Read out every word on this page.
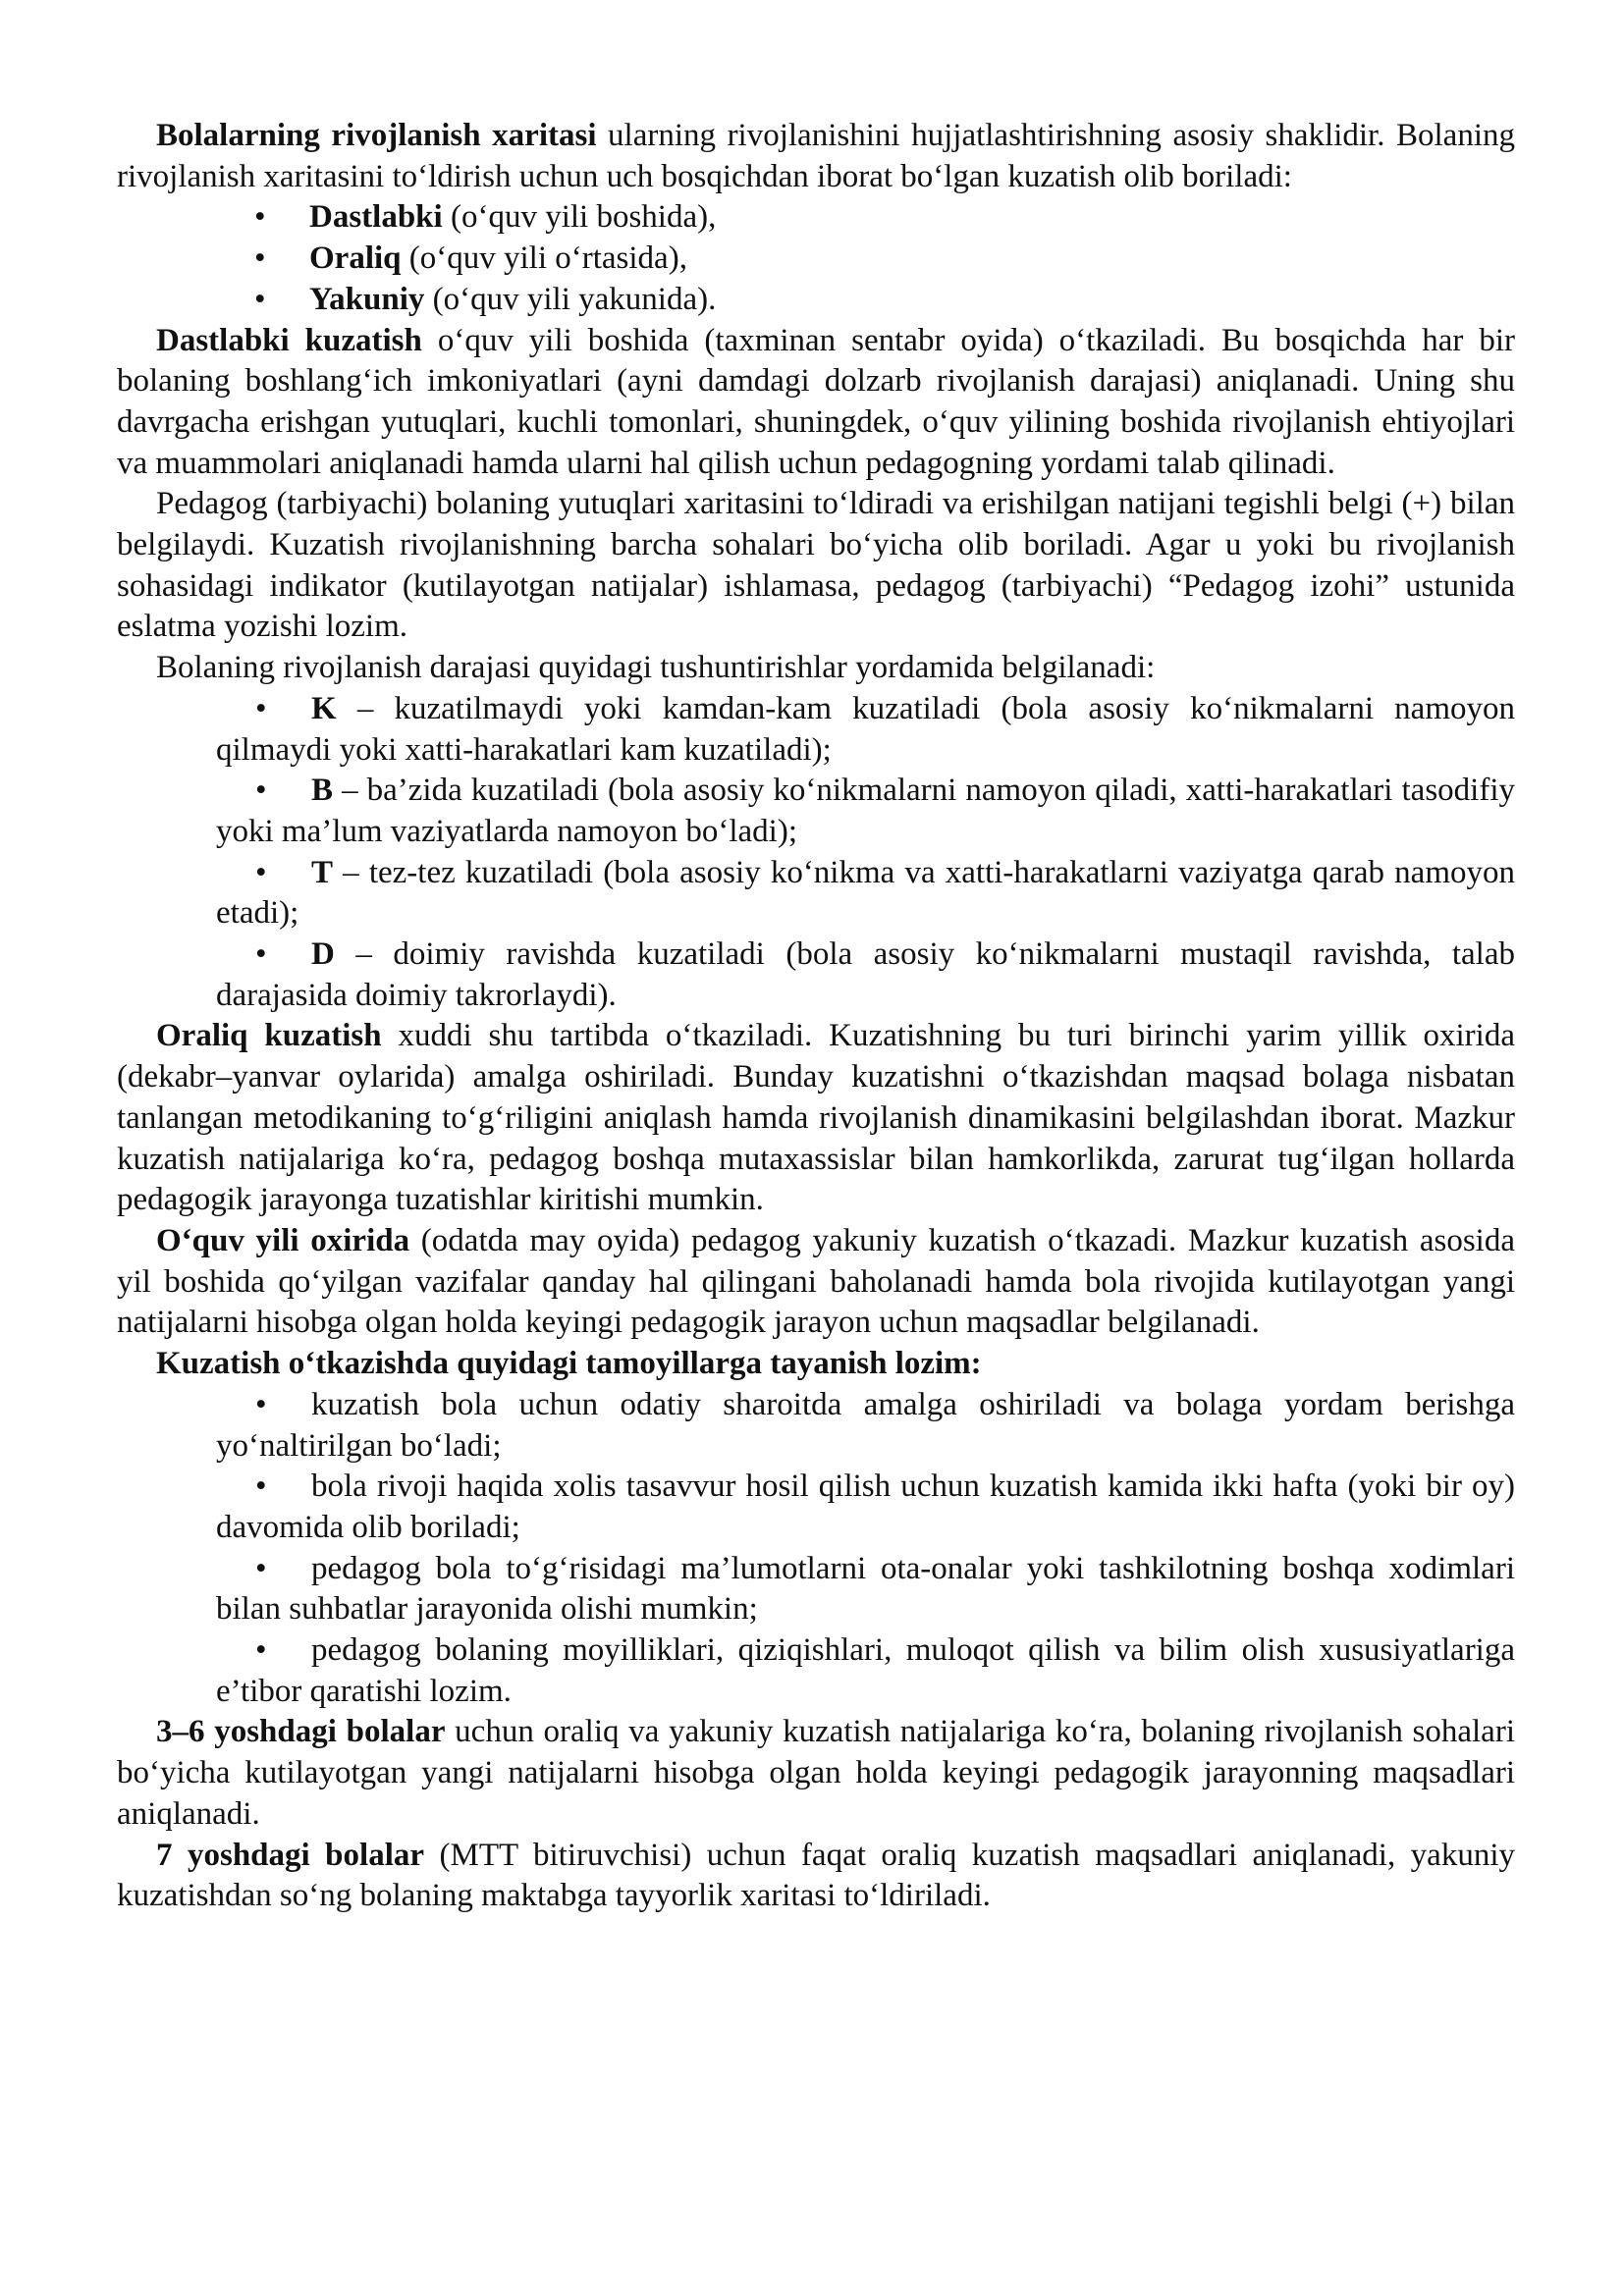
Bolalarning rivojlanish xaritasi ularning rivojlanishini hujjatlashtirishning asosiy shaklidir. Bolaning rivojlanish xaritasini to‘ldirish uchun uch bosqichdan iborat bo‘lgan kuzatish olib boriladi:

• Dastlabki (o‘quv yili boshida),
• Oraliq (o‘quv yili o‘rtasida),
• Yakuniy (o‘quv yili yakunida).

Dastlabki kuzatish o‘quv yili boshida (taxminan sentabr oyida) o‘tkaziladi. Bu bosqichda har bir bolaning boshlang‘ich imkoniyatlari (ayni damdagi dolzarb rivojlanish darajasi) aniqlanadi. Uning shu davrgacha erishgan yutuqlari, kuchli tomonlari, shuningdek, o‘quv yilining boshida rivojlanish ehtiyojlari va muammolari aniqlanadi hamda ularni hal qilish uchun pedagogning yordami talab qilinadi.

Pedagog (tarbiyachi) bolaning yutuqlari xaritasini to‘ldiradi va erishilgan natijani tegishli belgi (+) bilan belgilaydi. Kuzatish rivojlanishning barcha sohalari bo‘yicha olib boriladi. Agar u yoki bu rivojlanish sohasidagi indikator (kutilayotgan natijalar) ishlamasa, pedagog (tarbiyachi) “Pedagog izohi” ustunida eslatma yozishi lozim.

Bolaning rivojlanish darajasi quyidagi tushuntirishlar yordamida belgilanadi:

• K – kuzatilmaydi yoki kamdan-kam kuzatiladi (bola asosiy ko‘nikmalarni namoyon qilmaydi yoki xatti-harakatlari kam kuzatiladi);
• B – ba’zida kuzatiladi (bola asosiy ko‘nikmalarni namoyon qiladi, xatti-harakatlari tasodifiy yoki ma’lum vaziyatlarda namoyon bo‘ladi);
• T – tez-tez kuzatiladi (bola asosiy ko‘nikma va xatti-harakatlarni vaziyatga qarab namoyon etadi);
• D – doimiy ravishda kuzatiladi (bola asosiy ko‘nikmalarni mustaqil ravishda, talab darajasida doimiy takrorlaydi).

Oraliq kuzatish xuddi shu tartibda o‘tkaziladi. Kuzatishning bu turi birinchi yarim yillik oxirida (dekabr–yanvar oylarida) amalga oshiriladi. Bunday kuzatishni o‘tkazishdan maqsad bolaga nisbatan tanlangan metodikaning to‘g‘riligini aniqlash hamda rivojlanish dinamikasini belgilashdan iborat. Mazkur kuzatish natijalariga ko‘ra, pedagog boshqa mutaxassislar bilan hamkorlikda, zarurat tug‘ilgan hollarda pedagogik jarayonga tuzatishlar kiritishi mumkin.

O‘quv yili oxirida (odatda may oyida) pedagog yakuniy kuzatish o‘tkazadi. Mazkur kuzatish asosida yil boshida qo‘yilgan vazifalar qanday hal qilingani baholanadi hamda bola rivojida kutilayotgan yangi natijalarni hisobga olgan holda keyingi pedagogik jarayon uchun maqsadlar belgilanadi.

Kuzatish o‘tkazishda quyidagi tamoyillarga tayanish lozim:

• kuzatish bola uchun odatiy sharoitda amalga oshiriladi va bolaga yordam berishga yo‘naltirilgan bo‘ladi;
• bola rivoji haqida xolis tasavvur hosil qilish uchun kuzatish kamida ikki hafta (yoki bir oy) davomida olib boriladi;
• pedagog bola to‘g‘risidagi ma’lumotlarni ota-onalar yoki tashkilotning boshqa xodimlari bilan suhbatlar jarayonida olishi mumkin;
• pedagog bolaning moyilliklari, qiziqishlari, muloqot qilish va bilim olish xususiyatlariga e’tibor qaratishi lozim.

3–6 yoshdagi bolalar uchun oraliq va yakuniy kuzatish natijalariga ko‘ra, bolaning rivojlanish sohalari bo‘yicha kutilayotgan yangi natijalarni hisobga olgan holda keyingi pedagogik jarayonning maqsadlari aniqlanadi.

7 yoshdagi bolalar (MTT bitiruvchisi) uchun faqat oraliq kuzatish maqsadlari aniqlanadi, yakuniy kuzatishdan so‘ng bolaning maktabga tayyorlik xaritasi to‘ldiriladi.
